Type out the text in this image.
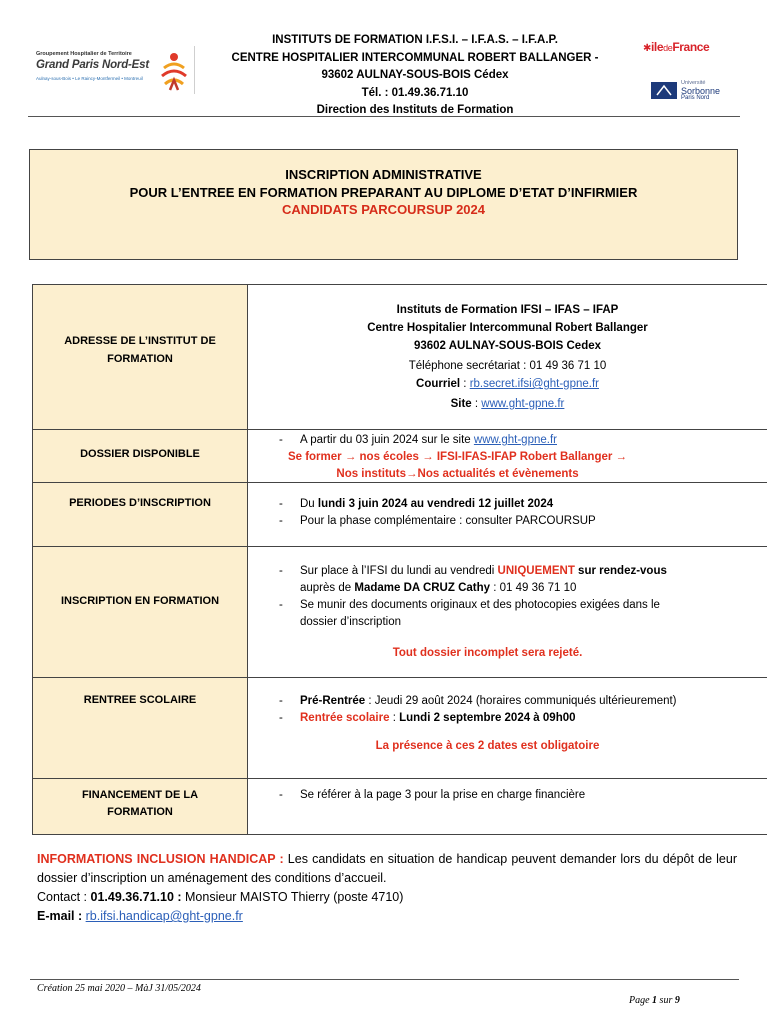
Groupement Hospitalier de Territoire
Grand Paris Nord-Est
Aulnay-sous-Bois • Le Raincy-Montfermeil • Montreuil
INSTITUTS DE FORMATION I.F.S.I. – I.F.A.S. – I.F.A.P.
CENTRE HOSPITALIER INTERCOMMUNAL ROBERT BALLANGER -
93602 AULNAY-SOUS-BOIS Cédex
Tél. : 01.49.36.71.10
Direction des Instituts de Formation
✱iledeFrance
Université
Sorbonne
Paris Nord
INSCRIPTION ADMINISTRATIVE
POUR L’ENTREE EN FORMATION PREPARANT AU DIPLOME D’ETAT D’INFIRMIER
CANDIDATS PARCOURSUP 2024
ADRESSE DE L’INSTITUT DE
FORMATION
Instituts de Formation IFSI – IFAS – IFAP
Centre Hospitalier Intercommunal Robert Ballanger
93602 AULNAY-SOUS-BOIS Cedex
Téléphone secrétariat : 01 49 36 71 10
Courriel : rb.secret.ifsi@ght-gpne.fr
Site : www.ght-gpne.fr
DOSSIER DISPONIBLE
- A partir du 03 juin 2024 sur le site www.ght-gpne.fr
Se former → nos écoles → IFSI-IFAS-IFAP Robert Ballanger →
Nos instituts→Nos actualités et évènements
PERIODES D’INSCRIPTION	- Du lundi 3 juin 2024 au vendredi 12 juillet 2024
- Pour la phase complémentaire : consulter PARCOURSUP
INSCRIPTION EN FORMATION
- Sur place à l’IFSI du lundi au vendredi UNIQUEMENT sur rendez-vous
auprès de Madame DA CRUZ Cathy : 01 49 36 71 10
- Se munir des documents originaux et des photocopies exigées dans le
dossier d’inscription
Tout dossier incomplet sera rejeté.
RENTREE SCOLAIRE	- Pré-Rentrée : Jeudi 29 août 2024 (horaires communiqués ultérieurement)
- Rentrée scolaire : Lundi 2 septembre 2024 à 09h00
La présence à ces 2 dates est obligatoire
FINANCEMENT DE LA
FORMATION
- Se référer à la page 3 pour la prise en charge financière
INFORMATIONS INCLUSION HANDICAP : Les candidats en situation de handicap peuvent demander lors du dépôt de leur dossier d’inscription un aménagement des conditions d’accueil.
Contact : 01.49.36.71.10 : Monsieur MAISTO Thierry (poste 4710)
E-mail : rb.ifsi.handicap@ght-gpne.fr
Création 25 mai 2020 – MàJ 31/05/2024
Page 1 sur 9
